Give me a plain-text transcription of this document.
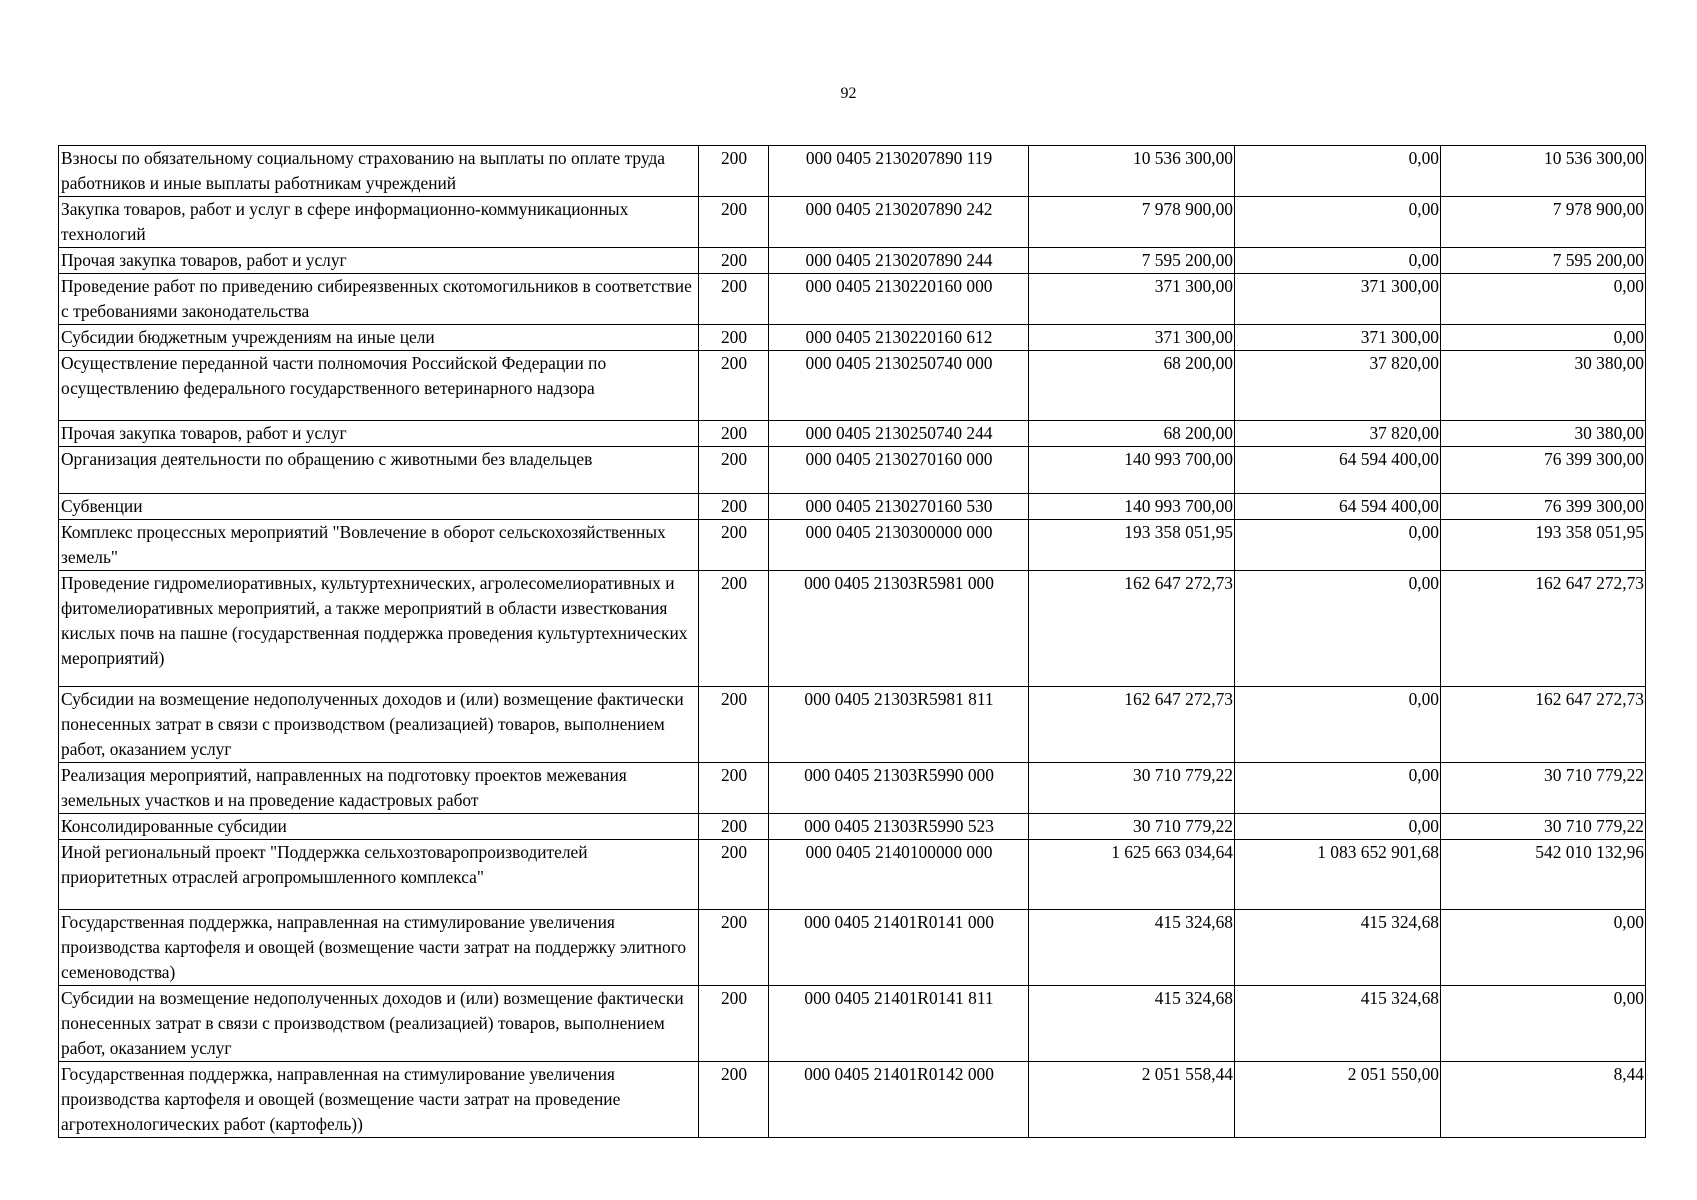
92
Взносы по обязательному социальному страхованию на выплаты по оплате труда работников и иные выплаты работникам учреждений	200	000 0405 2130207890 119	10 536 300,00	0,00	10 536 300,00
Закупка товаров, работ и услуг в сфере информационно-коммуникационных технологий	200	000 0405 2130207890 242	7 978 900,00	0,00	7 978 900,00
Прочая закупка товаров, работ и услуг	200	000 0405 2130207890 244	7 595 200,00	0,00	7 595 200,00
Проведение работ по приведению сибиреязвенных скотомогильников в соответствие с требованиями законодательства	200	000 0405 2130220160 000	371 300,00	371 300,00	0,00
Субсидии бюджетным учреждениям на иные цели	200	000 0405 2130220160 612	371 300,00	371 300,00	0,00
Осуществление переданной части полномочия Российской Федерации по осуществлению федерального государственного ветеринарного надзора	200	000 0405 2130250740 000	68 200,00	37 820,00	30 380,00
Прочая закупка товаров, работ и услуг	200	000 0405 2130250740 244	68 200,00	37 820,00	30 380,00
Организация деятельности по обращению с животными без владельцев	200	000 0405 2130270160 000	140 993 700,00	64 594 400,00	76 399 300,00
Субвенции	200	000 0405 2130270160 530	140 993 700,00	64 594 400,00	76 399 300,00
Комплекс процессных мероприятий "Вовлечение в оборот сельскохозяйственных земель"	200	000 0405 2130300000 000	193 358 051,95	0,00	193 358 051,95
Проведение гидромелиоративных, культуртехнических, агролесомелиоративных и фитомелиоративных мероприятий, а также мероприятий в области известкования кислых почв на пашне (государственная поддержка проведения культуртехнических мероприятий)	200	000 0405 21303R5981 000	162 647 272,73	0,00	162 647 272,73
Субсидии на возмещение недополученных доходов и (или) возмещение фактически понесенных затрат в связи с производством (реализацией) товаров, выполнением работ, оказанием услуг	200	000 0405 21303R5981 811	162 647 272,73	0,00	162 647 272,73
Реализация мероприятий, направленных на подготовку проектов межевания земельных участков и на проведение кадастровых работ	200	000 0405 21303R5990 000	30 710 779,22	0,00	30 710 779,22
Консолидированные субсидии	200	000 0405 21303R5990 523	30 710 779,22	0,00	30 710 779,22
Иной региональный проект "Поддержка сельхозтоваропроизводителей приоритетных отраслей агропромышленного комплекса"	200	000 0405 2140100000 000	1 625 663 034,64	1 083 652 901,68	542 010 132,96
Государственная поддержка, направленная на стимулирование увеличения производства картофеля и овощей (возмещение части затрат на поддержку элитного семеноводства)	200	000 0405 21401R0141 000	415 324,68	415 324,68	0,00
Субсидии на возмещение недополученных доходов и (или) возмещение фактически понесенных затрат в связи с производством (реализацией) товаров, выполнением работ, оказанием услуг	200	000 0405 21401R0141 811	415 324,68	415 324,68	0,00
Государственная поддержка, направленная на стимулирование увеличения производства картофеля и овощей (возмещение части затрат на проведение агротехнологических работ (картофель))	200	000 0405 21401R0142 000	2 051 558,44	2 051 550,00	8,44
